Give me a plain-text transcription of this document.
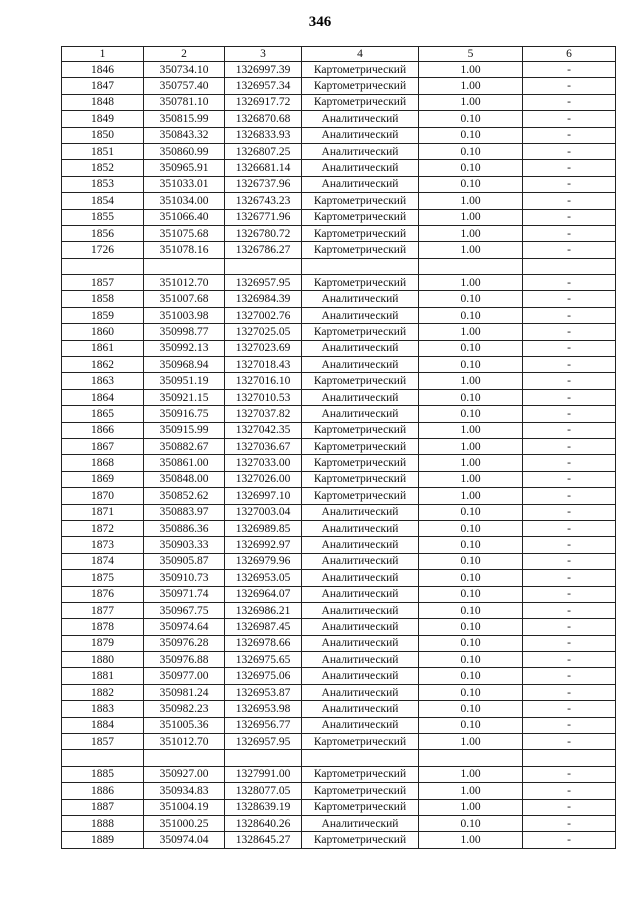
346
1	2	3	4	5	6
1846	350734.10	1326997.39	Картометрический	1.00	-
1847	350757.40	1326957.34	Картометрический	1.00	-
1848	350781.10	1326917.72	Картометрический	1.00	-
1849	350815.99	1326870.68	Аналитический	0.10	-
1850	350843.32	1326833.93	Аналитический	0.10	-
1851	350860.99	1326807.25	Аналитический	0.10	-
1852	350965.91	1326681.14	Аналитический	0.10	-
1853	351033.01	1326737.96	Аналитический	0.10	-
1854	351034.00	1326743.23	Картометрический	1.00	-
1855	351066.40	1326771.96	Картометрический	1.00	-
1856	351075.68	1326780.72	Картометрический	1.00	-
1726	351078.16	1326786.27	Картометрический	1.00	-

1857	351012.70	1326957.95	Картометрический	1.00	-
1858	351007.68	1326984.39	Аналитический	0.10	-
1859	351003.98	1327002.76	Аналитический	0.10	-
1860	350998.77	1327025.05	Картометрический	1.00	-
1861	350992.13	1327023.69	Аналитический	0.10	-
1862	350968.94	1327018.43	Аналитический	0.10	-
1863	350951.19	1327016.10	Картометрический	1.00	-
1864	350921.15	1327010.53	Аналитический	0.10	-
1865	350916.75	1327037.82	Аналитический	0.10	-
1866	350915.99	1327042.35	Картометрический	1.00	-
1867	350882.67	1327036.67	Картометрический	1.00	-
1868	350861.00	1327033.00	Картометрический	1.00	-
1869	350848.00	1327026.00	Картометрический	1.00	-
1870	350852.62	1326997.10	Картометрический	1.00	-
1871	350883.97	1327003.04	Аналитический	0.10	-
1872	350886.36	1326989.85	Аналитический	0.10	-
1873	350903.33	1326992.97	Аналитический	0.10	-
1874	350905.87	1326979.96	Аналитический	0.10	-
1875	350910.73	1326953.05	Аналитический	0.10	-
1876	350971.74	1326964.07	Аналитический	0.10	-
1877	350967.75	1326986.21	Аналитический	0.10	-
1878	350974.64	1326987.45	Аналитический	0.10	-
1879	350976.28	1326978.66	Аналитический	0.10	-
1880	350976.88	1326975.65	Аналитический	0.10	-
1881	350977.00	1326975.06	Аналитический	0.10	-
1882	350981.24	1326953.87	Аналитический	0.10	-
1883	350982.23	1326953.98	Аналитический	0.10	-
1884	351005.36	1326956.77	Аналитический	0.10	-
1857	351012.70	1326957.95	Картометрический	1.00	-

1885	350927.00	1327991.00	Картометрический	1.00	-
1886	350934.83	1328077.05	Картометрический	1.00	-
1887	351004.19	1328639.19	Картометрический	1.00	-
1888	351000.25	1328640.26	Аналитический	0.10	-
1889	350974.04	1328645.27	Картометрический	1.00	-
